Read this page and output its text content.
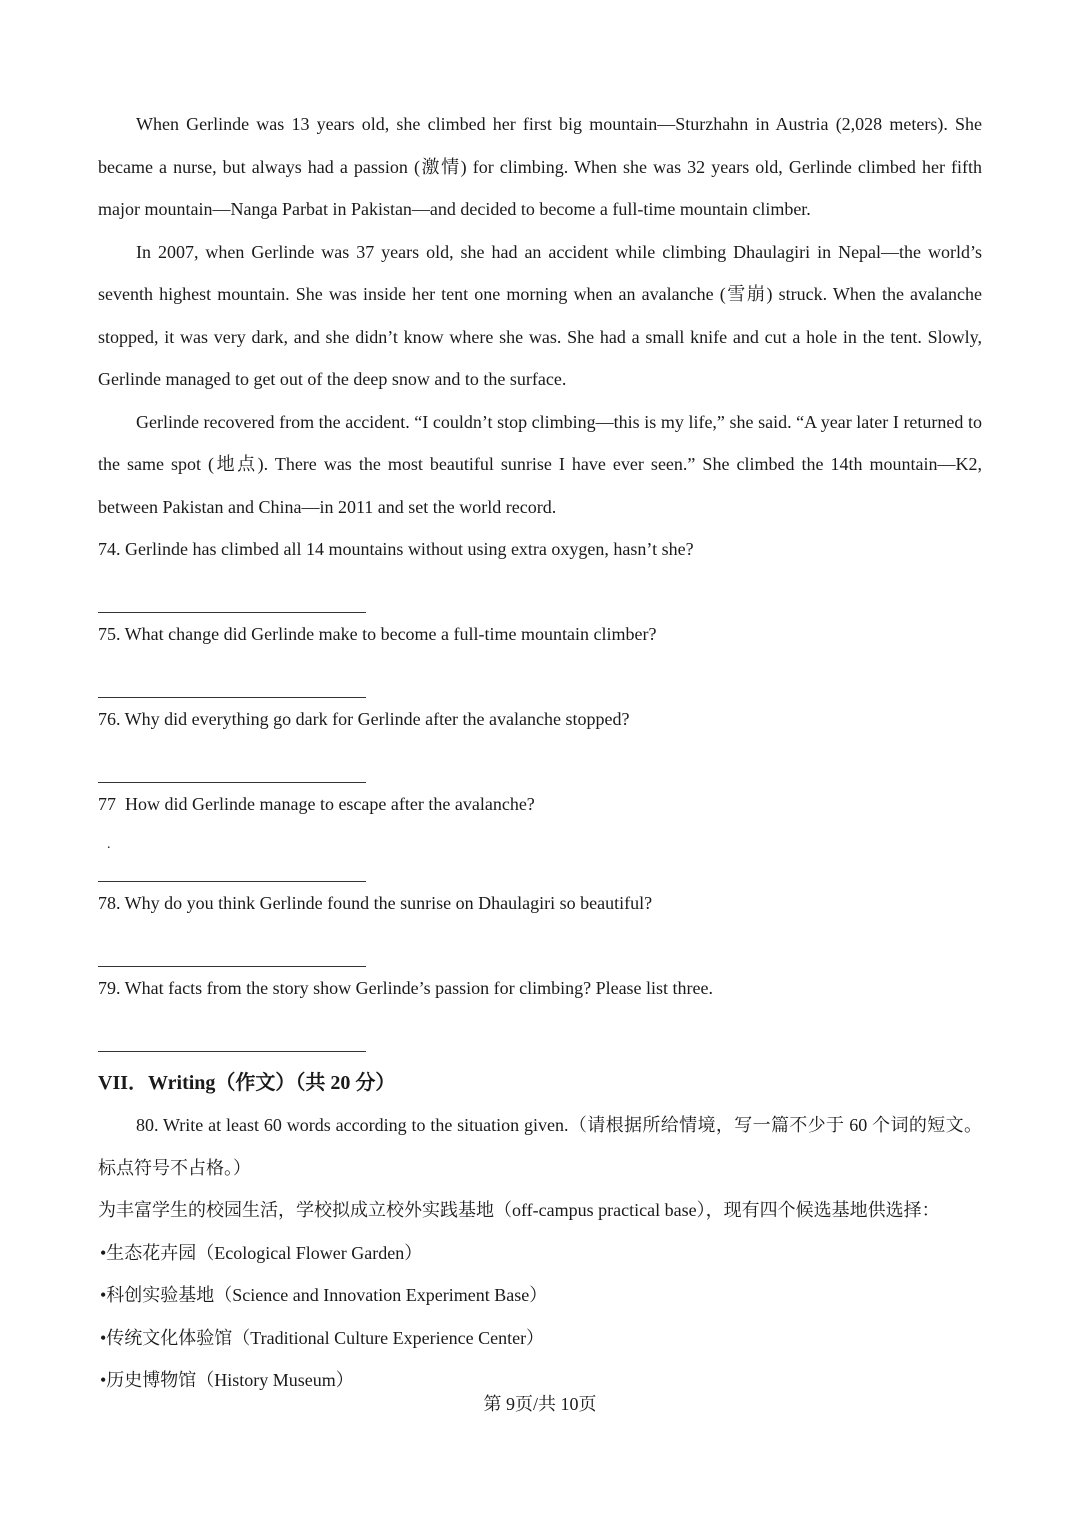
When Gerlinde was 13 years old, she climbed her first big mountain—Sturzhahn in Austria (2,028 meters). She became a nurse, but always had a passion (激情) for climbing. When she was 32 years old, Gerlinde climbed her fifth major mountain—Nanga Parbat in Pakistan—and decided to become a full-time mountain climber.

In 2007, when Gerlinde was 37 years old, she had an accident while climbing Dhaulagiri in Nepal—the world’s seventh highest mountain. She was inside her tent one morning when an avalanche (雪崩) struck. When the avalanche stopped, it was very dark, and she didn’t know where she was. She had a small knife and cut a hole in the tent. Slowly, Gerlinde managed to get out of the deep snow and to the surface.

Gerlinde recovered from the accident. “I couldn’t stop climbing—this is my life,” she said. “A year later I returned to the same spot (地点). There was the most beautiful sunrise I have ever seen.” She climbed the 14th mountain—K2, between Pakistan and China—in 2011 and set the world record.

74. Gerlinde has climbed all 14 mountains without using extra oxygen, hasn’t she?

75. What change did Gerlinde make to become a full-time mountain climber?

76. Why did everything go dark for Gerlinde after the avalanche stopped?

77
.
How did Gerlinde manage to escape after the avalanche?

78. Why do you think Gerlinde found the sunrise on Dhaulagiri so beautiful?

79. What facts from the story show Gerlinde’s passion for climbing? Please list three.

VII．Writing（作文）（共 20 分）

80. Write at least 60 words according to the situation given.（请根据所给情境，写一篇不少于 60 个词的短文。标点符号不占格。）

为丰富学生的校园生活，学校拟成立校外实践基地（off-campus practical base），现有四个候选基地供选择：

•生态花卉园（Ecological Flower Garden）

•科创实验基地（Science and Innovation Experiment Base）

•传统文化体验馆（Traditional Culture Experience Center）

•历史博物馆（History Museum）

第 9页/共 10页
